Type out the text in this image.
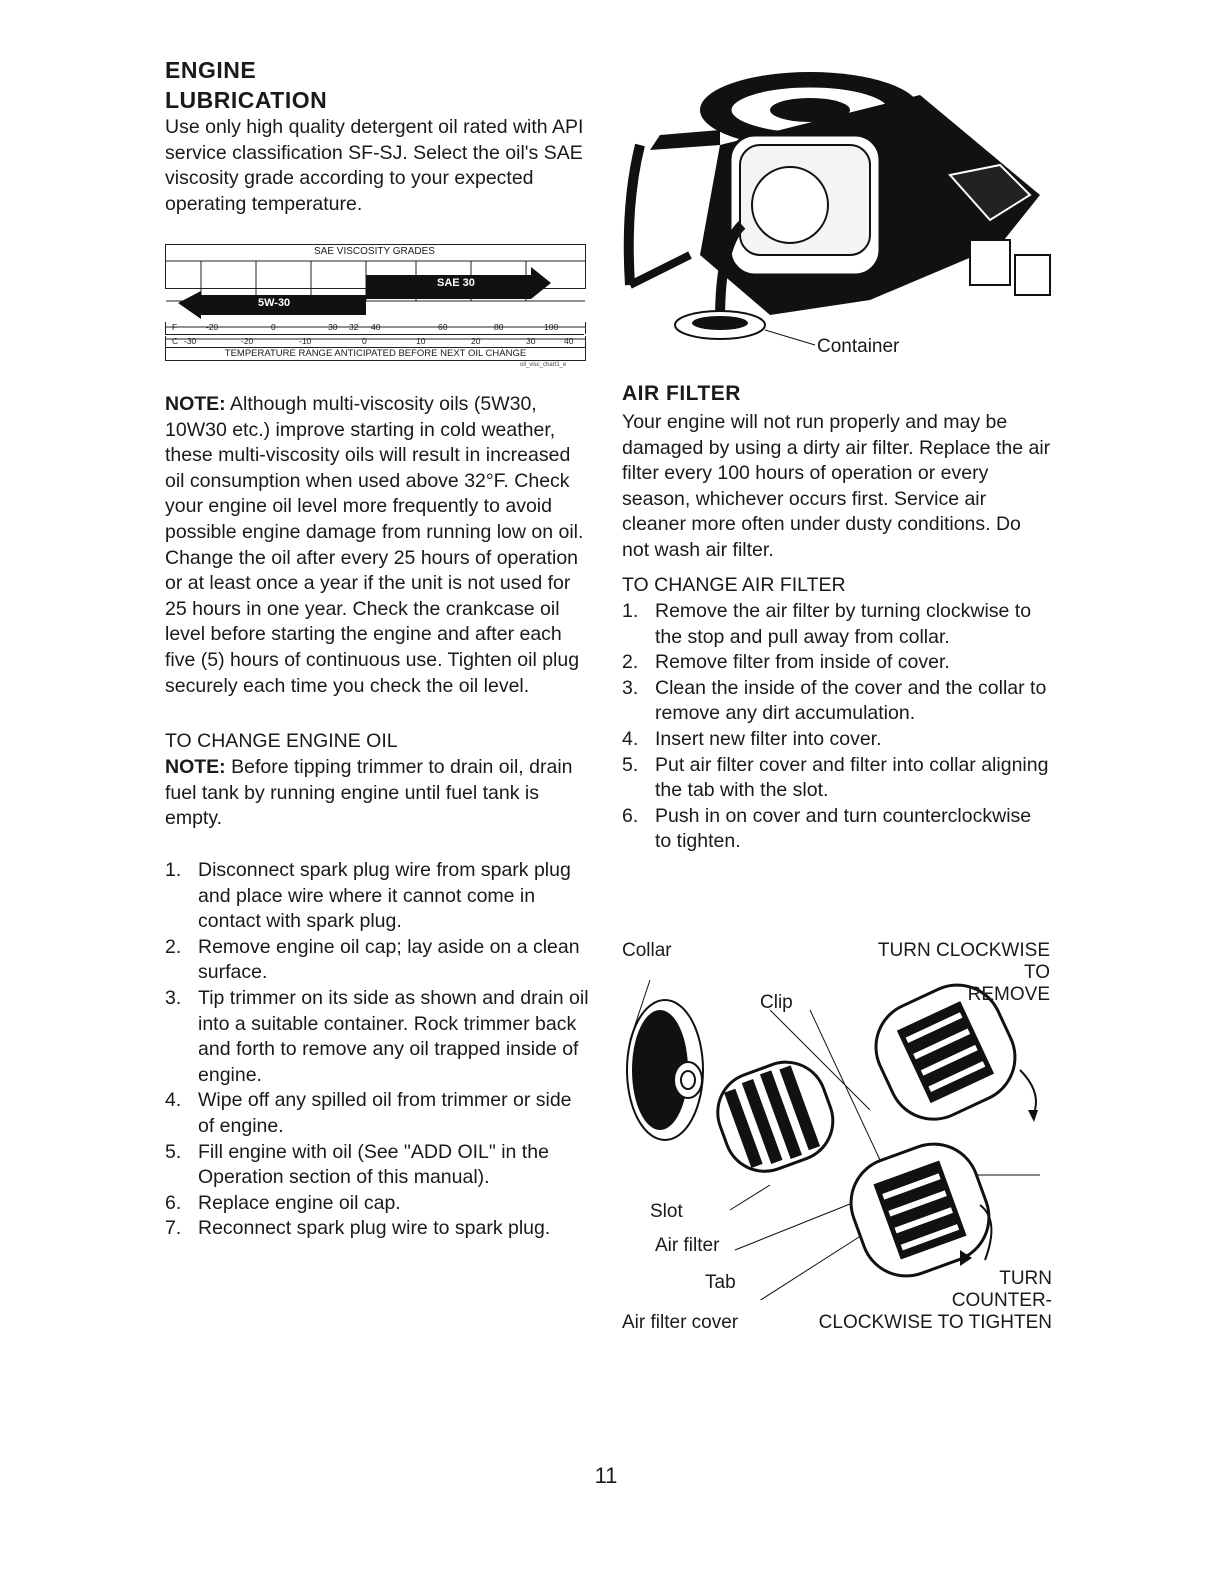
ENGINE
LUBRICATION
Use only high quality detergent oil rated with API service classification SF-SJ. Select the oil's SAE viscosity grade according to your expected operating temperature.
SAE VISCOSITY GRADES
5W-30
SAE 30
F	-20	0	30 32 40	60	80	100
C -30	-20	-10	0	10	20	30	40
TEMPERATURE RANGE ANTICIPATED BEFORE NEXT OIL CHANGE
oil_visc_chart1_e
NOTE: Although multi-viscosity oils (5W30, 10W30 etc.) improve starting in cold weather, these multi-viscosity oils will result in increased oil consumption when used above 32°F. Check your engine oil level more frequently to avoid possible engine damage from running low on oil. Change the oil after every 25 hours of operation or at least once a year if the unit is not used for 25 hours in one year. Check the crankcase oil level before starting the engine and after each five (5) hours of continuous use. Tighten oil plug securely each time you check the oil level.
TO CHANGE ENGINE OIL
NOTE: Before tipping trimmer to drain oil, drain fuel tank by running engine until fuel tank is empty.
1. Disconnect spark plug wire from spark plug and place wire where it cannot come in contact with spark plug.
2. Remove engine oil cap; lay aside on a clean surface.
3. Tip trimmer on its side as shown and drain oil into a suitable container. Rock trimmer back and forth to remove any oil trapped inside of engine.
4. Wipe off any spilled oil from trimmer or side of engine.
5. Fill engine with oil (See "ADD OIL" in the Operation section of this manual).
6. Replace engine oil cap.
7. Reconnect spark plug wire to spark plug.
Container
AIR FILTER
Your engine will not run properly and may be damaged by using a dirty air filter. Replace the air filter every 100 hours of operation or every season, whichever occurs first. Service air cleaner more often under dusty conditions. Do not wash air filter.
TO CHANGE AIR FILTER
1. Remove the air filter by turning clockwise to the stop and pull away from collar.
2. Remove filter from inside of cover.
3. Clean the inside of the cover and the collar to remove any dirt accumulation.
4. Insert new filter into cover.
5. Put air filter cover and filter into collar aligning the tab with the slot.
6. Push in on cover and turn counterclockwise to tighten.
Collar
Clip
TURN CLOCKWISE
TO
REMOVE
Slot
Air filter
Tab
Air filter cover
TURN
COUNTER-
CLOCKWISE TO TIGHTEN
11
